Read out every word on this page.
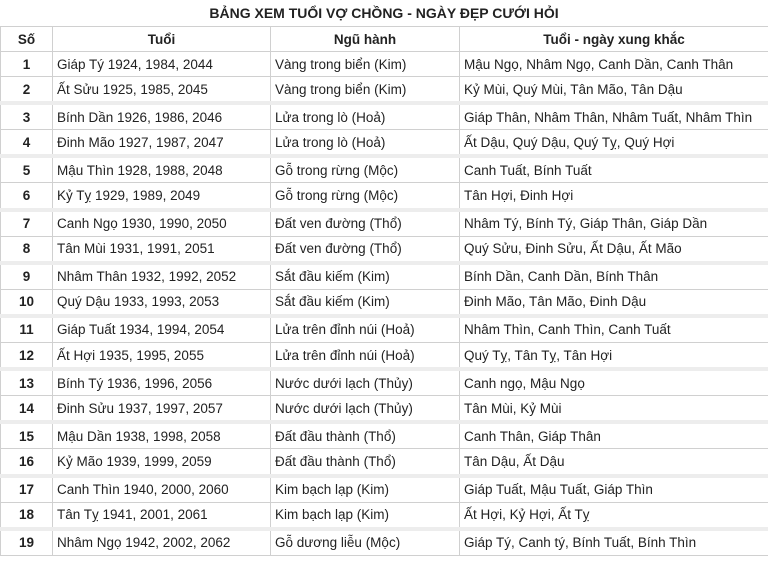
BẢNG XEM TUỔI VỢ CHỒNG - NGÀY ĐẸP CƯỚI HỎI
Số	Tuổi	Ngũ hành	Tuổi - ngày xung khắc
1	Giáp Tý 1924, 1984, 2044	Vàng trong biển (Kim)	Mậu Ngọ, Nhâm Ngọ, Canh Dần, Canh Thân
2	Ất Sửu 1925, 1985, 2045	Vàng trong biển (Kim)	Kỷ Mùi, Quý Mùi, Tân Mão, Tân Dậu
3	Bính Dần 1926, 1986, 2046	Lửa trong lò (Hoả)	Giáp Thân, Nhâm Thân, Nhâm Tuất, Nhâm Thìn
4	Đinh Mão 1927, 1987, 2047	Lửa trong lò (Hoả)	Ất Dậu, Quý Dậu, Quý Tỵ, Quý Hợi
5	Mậu Thìn 1928, 1988, 2048	Gỗ trong rừng (Mộc)	Canh Tuất, Bính Tuất
6	Kỷ Tỵ 1929, 1989, 2049	Gỗ trong rừng (Mộc)	Tân Hợi, Đinh Hợi
7	Canh Ngọ 1930, 1990, 2050	Đất ven đường (Thổ)	Nhâm Tý, Bính Tý, Giáp Thân, Giáp Dần
8	Tân Mùi 1931, 1991, 2051	Đất ven đường (Thổ)	Quý Sửu, Đinh Sửu, Ất Dậu, Ất Mão
9	Nhâm Thân 1932, 1992, 2052	Sắt đầu kiếm (Kim)	Bính Dần, Canh Dần, Bính Thân
10	Quý Dậu 1933, 1993, 2053	Sắt đầu kiếm (Kim)	Đinh Mão, Tân Mão, Đinh Dậu
11	Giáp Tuất 1934, 1994, 2054	Lửa trên đỉnh núi (Hoả)	Nhâm Thìn, Canh Thìn, Canh Tuất
12	Ất Hợi 1935, 1995, 2055	Lửa trên đỉnh núi (Hoả)	Quý Tỵ, Tân Tỵ, Tân Hợi
13	Bính Tý 1936, 1996, 2056	Nước dưới lạch (Thủy)	Canh ngọ, Mậu Ngọ
14	Đinh Sửu 1937, 1997, 2057	Nước dưới lạch (Thủy)	Tân Mùi, Kỷ Mùi
15	Mậu Dần 1938, 1998, 2058	Đất đầu thành (Thổ)	Canh Thân, Giáp Thân
16	Kỷ Mão 1939, 1999, 2059	Đất đầu thành (Thổ)	Tân Dậu, Ất Dậu
17	Canh Thìn 1940, 2000, 2060	Kim bạch lạp (Kim)	Giáp Tuất, Mậu Tuất, Giáp Thìn
18	Tân Tỵ 1941, 2001, 2061	Kim bạch lạp (Kim)	Ất Hợi, Kỷ Hợi, Ất Tỵ
19	Nhâm Ngọ 1942, 2002, 2062	Gỗ dương liễu (Mộc)	Giáp Tý, Canh tý, Bính Tuất, Bính Thìn
